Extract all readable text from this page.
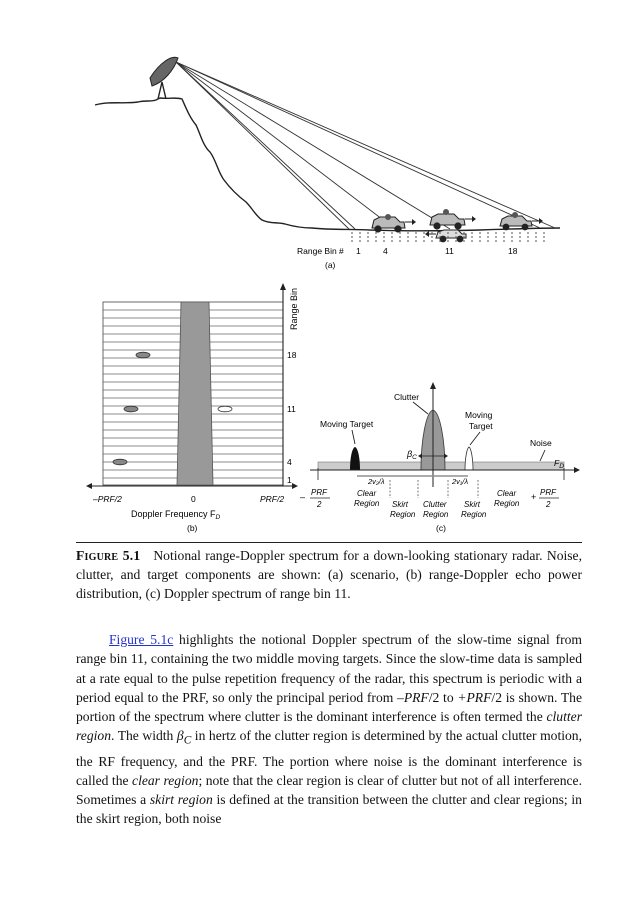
Range Bin # 1	4	11	18
(a)
Range Bin
18
11
4
1
–PRF/2	0	PRF/2
Doppler Frequency $F_D$
(b)
Clutter
Moving Target
Moving
Target
Noise
$F_D$
$\beta_C$
2v₂/λ	2v₁/λ
– PRF
2
+ PRF
2
Clear
Region Skirt
Region
Clutter
Region
Skirt
Region
Clear
Region
(c)
Figure 5.1 Notional range-Doppler spectrum for a down-looking stationary radar. Noise, clutter, and target components are shown: (a) scenario, (b) range-Doppler echo power distribution, (c) Doppler spectrum of range bin 11.
Figure 5.1c highlights the notional Doppler spectrum of the slow-time signal from range bin 11, containing the two middle moving targets. Since the slow-time data is sampled at a rate equal to the pulse repetition frequency of the radar, this spectrum is periodic with a period equal to the PRF, so only the principal period from –PRF/2 to +PRF/2 is shown. The portion of the spectrum where clutter is the dominant interference is often termed the clutter region. The width $\beta_C$ in hertz of the clutter region is determined by the actual clutter motion, the RF frequency, and the PRF. The portion where noise is the dominant interference is called the clear region; note that the clear region is clear of clutter but not of all interference. Sometimes a skirt region is defined at the transition between the clutter and clear regions; in the skirt region, both noise
